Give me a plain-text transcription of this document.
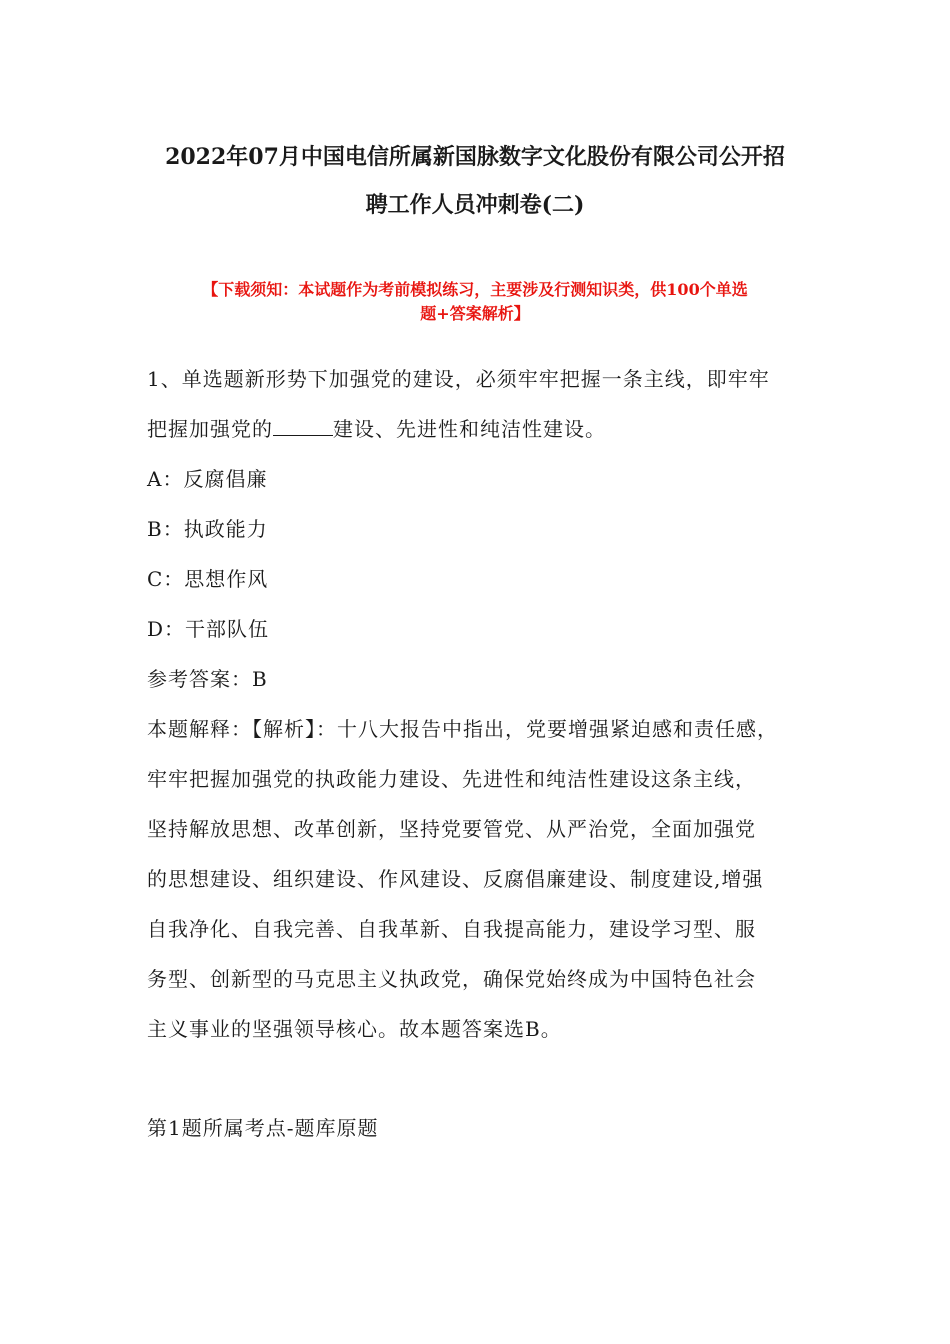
2022年07月中国电信所属新国脉数字文化股份有限公司公开招
聘工作人员冲刺卷(二)
【下载须知：本试题作为考前模拟练习，主要涉及行测知识类，供100个单选
题+答案解析】
1、单选题新形势下加强党的建设，必须牢牢把握一条主线，即牢牢
把握加强党的	建设、先进性和纯洁性建设。
A：反腐倡廉
B：执政能力
C：思想作风
D：干部队伍
参考答案：B
本题解释：【解析】：十八大报告中指出，党要增强紧迫感和责任感，
牢牢把握加强党的执政能力建设、先进性和纯洁性建设这条主线，
坚持解放思想、改革创新，坚持党要管党、从严治党，全面加强党
的思想建设、组织建设、作风建设、反腐倡廉建设、制度建设,增强
自我净化、自我完善、自我革新、自我提高能力，建设学习型、服
务型、创新型的马克思主义执政党，确保党始终成为中国特色社会
主义事业的坚强领导核心。故本题答案选B。
第1题所属考点-题库原题
